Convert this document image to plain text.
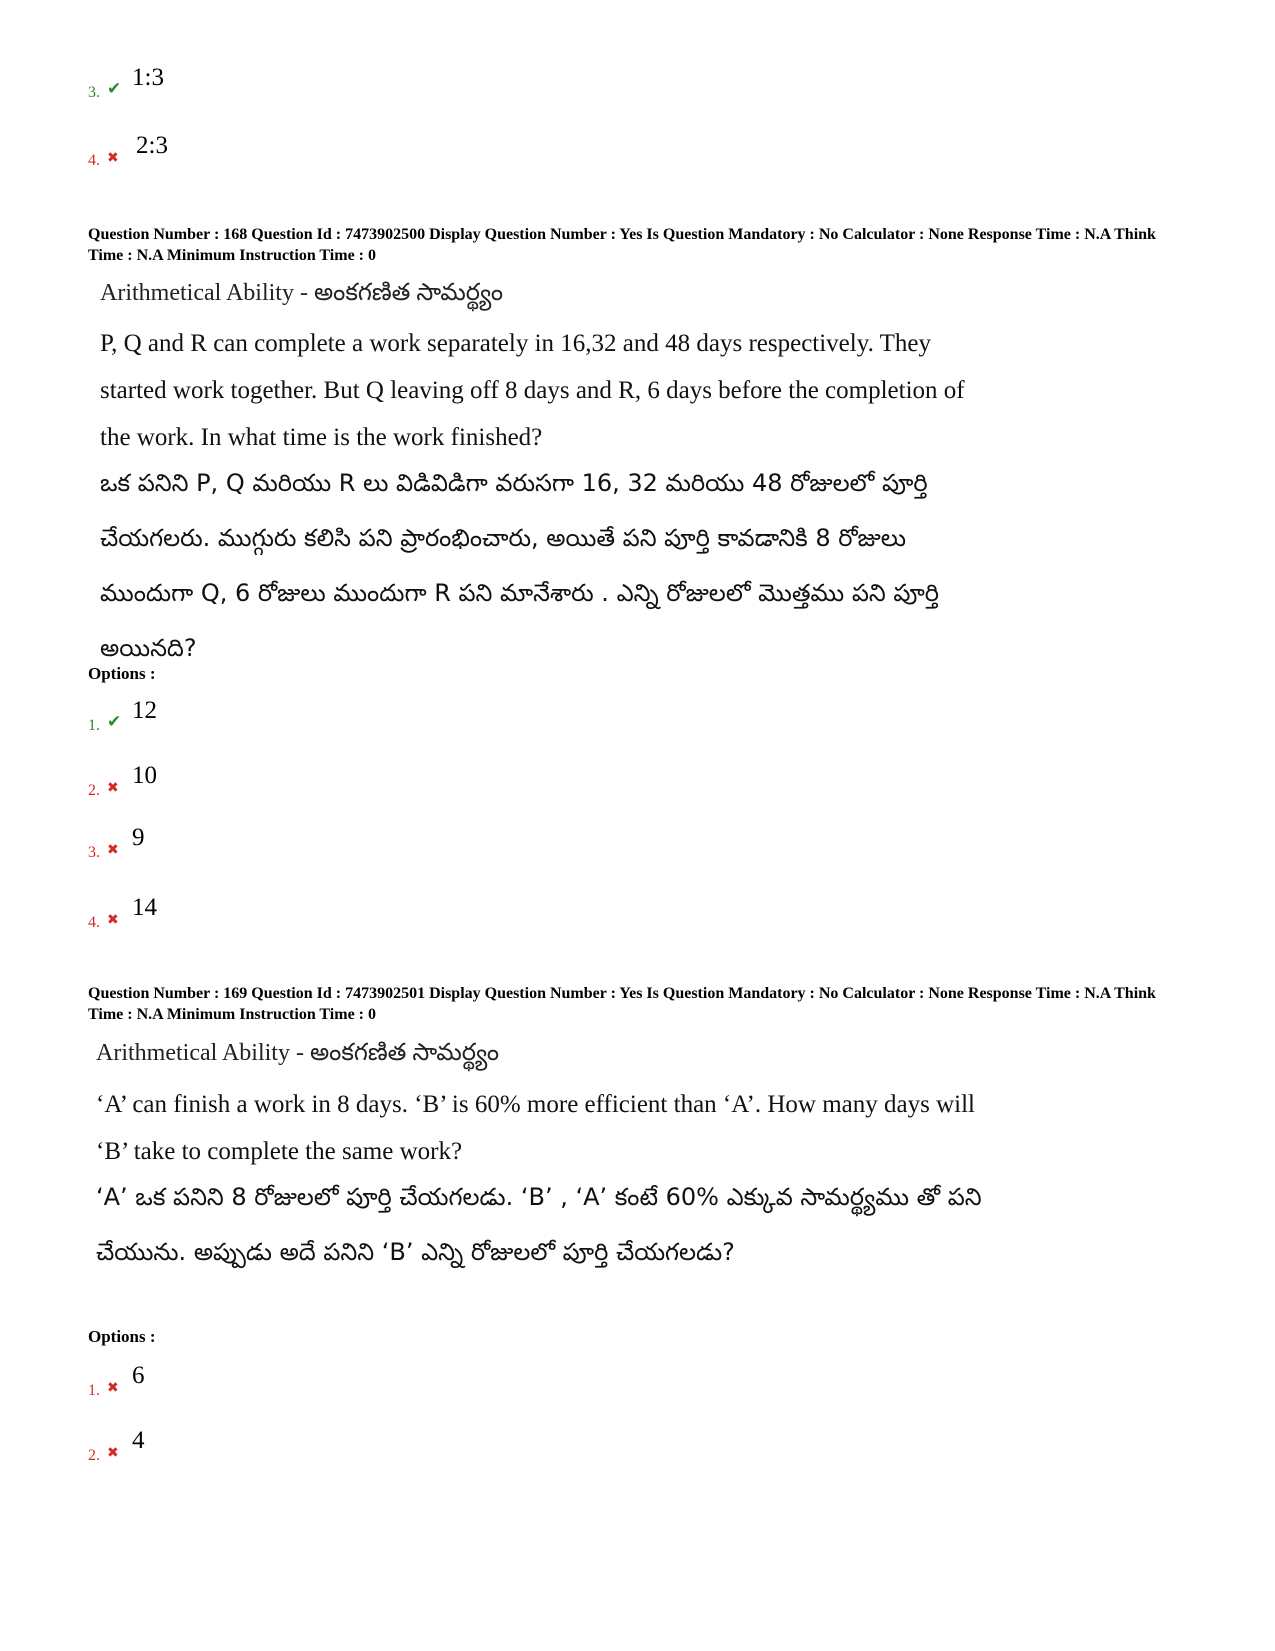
3. ✔ 1:3
4. ✖ 2:3
Question Number : 168 Question Id : 7473902500 Display Question Number : Yes Is Question Mandatory : No Calculator : None Response Time : N.A Think Time : N.A Minimum Instruction Time : 0
Arithmetical Ability - అంకగణిత సామర్థ్యం
P, Q and R can complete a work separately in 16,32 and 48 days respectively. They started work together. But Q leaving off 8 days and R, 6 days before the completion of the work. In what time is the work finished?
ఒక పనిని P, Q మరియు R లు విడివిడిగా వరుసగా 16, 32 మరియు 48 రోజులలో పూర్తి చేయగలరు. ముగ్గురు కలిసి పని ప్రారంభించారు, అయితే పని పూర్తి కావడానికి 8 రోజులు ముందుగా Q, 6 రోజులు ముందుగా R పని మానేశారు . ఎన్ని రోజులలో మొత్తము పని పూర్తి అయినది?
Options :
1. ✔ 12
2. ✖ 10
3. ✖ 9
4. ✖ 14
Question Number : 169 Question Id : 7473902501 Display Question Number : Yes Is Question Mandatory : No Calculator : None Response Time : N.A Think Time : N.A Minimum Instruction Time : 0
Arithmetical Ability - అంకగణిత సామర్థ్యం
‘A’ can finish a work in 8 days. ‘B’ is 60% more efficient than ‘A’. How many days will ‘B’ take to complete the same work?
‘A’ ఒక పనిని 8 రోజులలో పూర్తి చేయగలడు. ‘B’ , ‘A’ కంటే 60% ఎక్కువ సామర్థ్యము తో పని చేయును. అప్పుడు అదే పనిని ‘B’ ఎన్ని రోజులలో పూర్తి చేయగలడు?
Options :
1. ✖ 6
2. ✖ 4
